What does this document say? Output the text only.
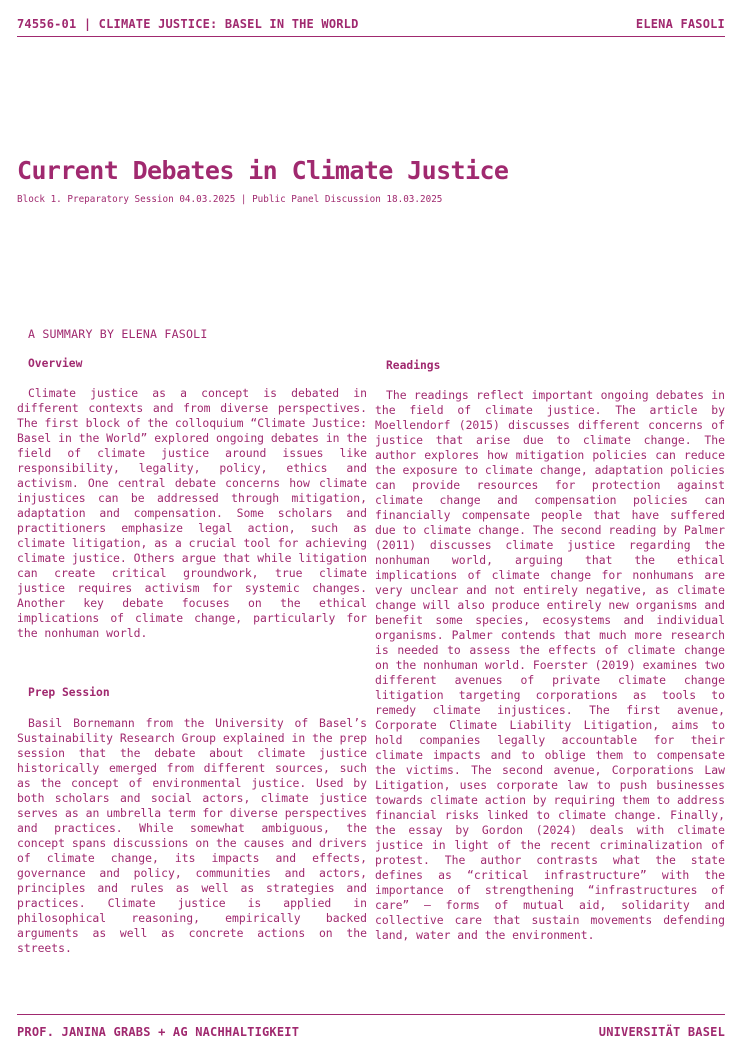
74556-01 | CLIMATE JUSTICE: BASEL IN THE WORLD	ELENA FASOLI
Current Debates in Climate Justice
Block 1. Preparatory Session 04.03.2025 | Public Panel Discussion 18.03.2025
A SUMMARY BY ELENA FASOLI
Overview

Climate justice as a concept is debated in different contexts and from diverse perspectives. The first block of the colloquium “Climate Justice: Basel in the World” explored ongoing debates in the field of climate justice around issues like responsibility, legality, policy, ethics and activism. One central debate concerns how climate injustices can be addressed through mitigation, adaptation and compensation. Some scholars and practitioners emphasize legal action, such as climate litigation, as a crucial tool for achieving climate justice. Others argue that while litigation can create critical groundwork, true climate justice requires activism for systemic changes. Another key debate focuses on the ethical implications of climate change, particularly for the nonhuman world.

Prep Session

Basil Bornemann from the University of Basel’s Sustainability Research Group explained in the prep session that the debate about climate justice historically emerged from different sources, such as the concept of environmental justice. Used by both scholars and social actors, climate justice serves as an umbrella term for diverse perspectives and practices. While somewhat ambiguous, the concept spans discussions on the causes and drivers of climate change, its impacts and effects, governance and policy, communities and actors, principles and rules as well as strategies and practices. Climate justice is applied in philosophical reasoning, empirically backed arguments as well as concrete actions on the streets.

Readings

The readings reflect important ongoing debates in the field of climate justice. The article by Moellendorf (2015) discusses different concerns of justice that arise due to climate change. The author explores how mitigation policies can reduce the exposure to climate change, adaptation policies can provide resources for protection against climate change and compensation policies can financially compensate people that have suffered due to climate change. The second reading by Palmer (2011) discusses climate justice regarding the nonhuman world, arguing that the ethical implications of climate change for nonhumans are very unclear and not entirely negative, as climate change will also produce entirely new organisms and benefit some species, ecosystems and individual organisms. Palmer contends that much more research is needed to assess the effects of climate change on the nonhuman world. Foerster (2019) examines two different avenues of private climate change litigation targeting corporations as tools to remedy climate injustices. The first avenue, Corporate Climate Liability Litigation, aims to hold companies legally accountable for their climate impacts and to oblige them to compensate the victims. The second avenue, Corporations Law Litigation, uses corporate law to push businesses towards climate action by requiring them to address financial risks linked to climate change. Finally, the essay by Gordon (2024) deals with climate justice in light of the recent criminalization of protest. The author contrasts what the state defines as “critical infrastructure” with the importance of strengthening “infrastructures of care” – forms of mutual aid, solidarity and collective care that sustain movements defending land, water and the environment.

PROF. JANINA GRABS + AG NACHHALTIGKEIT	UNIVERSITÄT BASEL
